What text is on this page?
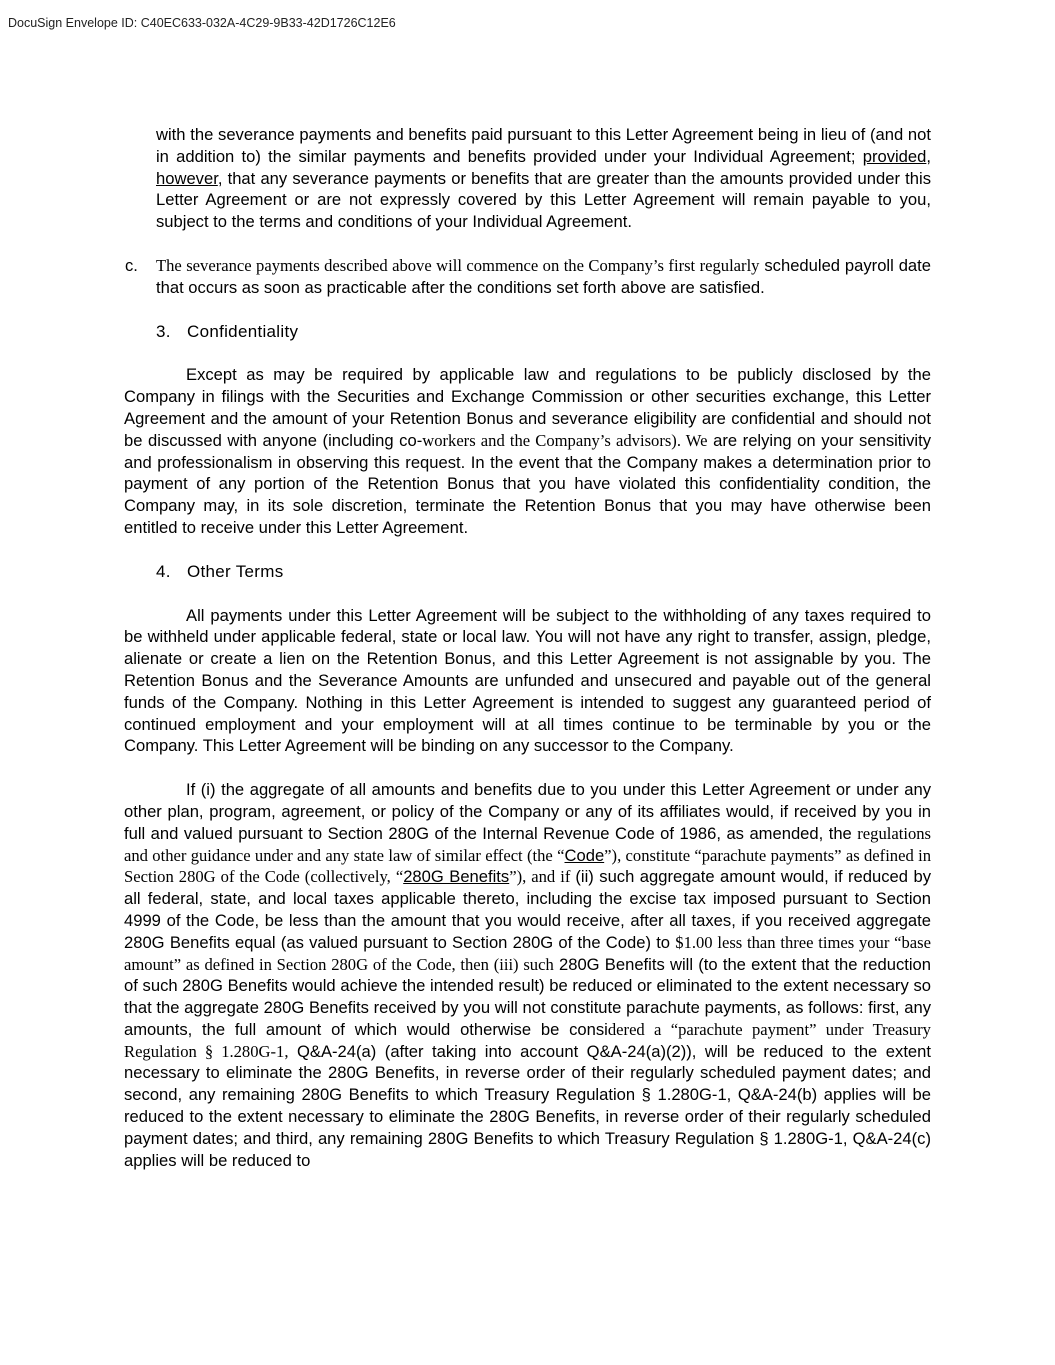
DocuSign Envelope ID: C40EC633-032A-4C29-9B33-42D1726C12E6

with the severance payments and benefits paid pursuant to this Letter Agreement being in lieu of (and not in addition to) the similar payments and benefits provided under your Individual Agreement; provided, however, that any severance payments or benefits that are greater than the amounts provided under this Letter Agreement or are not expressly covered by this Letter Agreement will remain payable to you, subject to the terms and conditions of your Individual Agreement.

c. The severance payments described above will commence on the Company’s first regularly scheduled payroll date that occurs as soon as practicable after the conditions set forth above are satisfied.

3. Confidentiality

Except as may be required by applicable law and regulations to be publicly disclosed by the Company in filings with the Securities and Exchange Commission or other securities exchange, this Letter Agreement and the amount of your Retention Bonus and severance eligibility are confidential and should not be discussed with anyone (including co-workers and the Company’s advisors). We are relying on your sensitivity and professionalism in observing this request. In the event that the Company makes a determination prior to payment of any portion of the Retention Bonus that you have violated this confidentiality condition, the Company may, in its sole discretion, terminate the Retention Bonus that you may have otherwise been entitled to receive under this Letter Agreement.

4. Other Terms

All payments under this Letter Agreement will be subject to the withholding of any taxes required to be withheld under applicable federal, state or local law. You will not have any right to transfer, assign, pledge, alienate or create a lien on the Retention Bonus, and this Letter Agreement is not assignable by you. The Retention Bonus and the Severance Amounts are unfunded and unsecured and payable out of the general funds of the Company. Nothing in this Letter Agreement is intended to suggest any guaranteed period of continued employment and your employment will at all times continue to be terminable by you or the Company. This Letter Agreement will be binding on any successor to the Company.

If (i) the aggregate of all amounts and benefits due to you under this Letter Agreement or under any other plan, program, agreement, or policy of the Company or any of its affiliates would, if received by you in full and valued pursuant to Section 280G of the Internal Revenue Code of 1986, as amended, the regulations and other guidance under and any state law of similar effect (the “Code”), constitute “parachute payments” as defined in Section 280G of the Code (collectively, “280G Benefits”), and if (ii) such aggregate amount would, if reduced by all federal, state, and local taxes applicable thereto, including the excise tax imposed pursuant to Section 4999 of the Code, be less than the amount that you would receive, after all taxes, if you received aggregate 280G Benefits equal (as valued pursuant to Section 280G of the Code) to $1.00 less than three times your “base amount” as defined in Section 280G of the Code, then (iii) such 280G Benefits will (to the extent that the reduction of such 280G Benefits would achieve the intended result) be reduced or eliminated to the extent necessary so that the aggregate 280G Benefits received by you will not constitute parachute payments, as follows: first, any amounts, the full amount of which would otherwise be considered a “parachute payment” under Treasury Regulation § 1.280G-1, Q&A-24(a) (after taking into account Q&A-24(a)(2)), will be reduced to the extent necessary to eliminate the 280G Benefits, in reverse order of their regularly scheduled payment dates; and second, any remaining 280G Benefits to which Treasury Regulation § 1.280G-1, Q&A-24(b) applies will be reduced to the extent necessary to eliminate the 280G Benefits, in reverse order of their regularly scheduled payment dates; and third, any remaining 280G Benefits to which Treasury Regulation § 1.280G-1, Q&A-24(c) applies will be reduced to
